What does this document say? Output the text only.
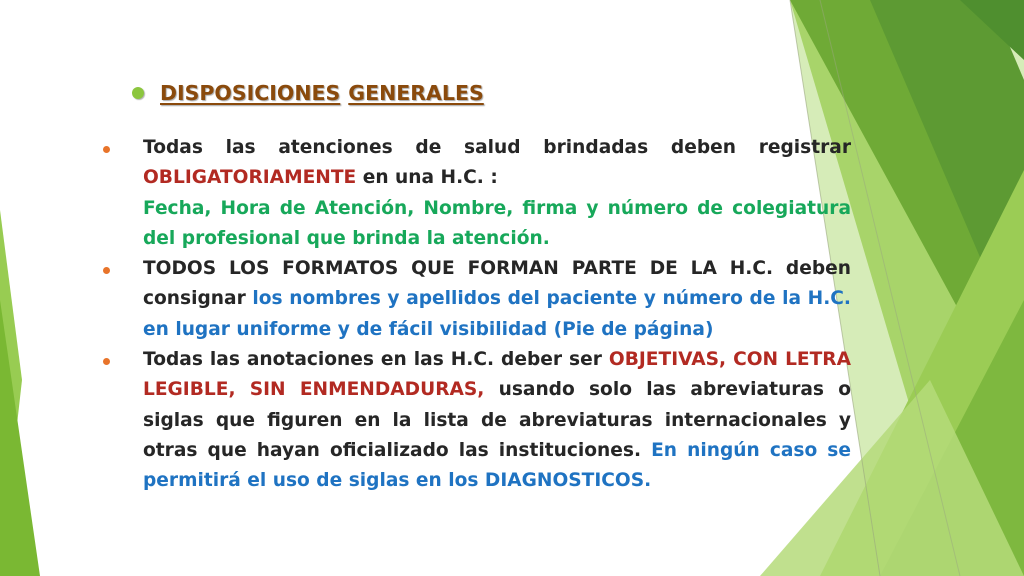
DISPOSICIONES GENERALES

Todas las atenciones de salud brindadas deben registrar OBLIGATORIAMENTE en una H.C. :

Fecha, Hora de Atención, Nombre, firma y número de colegiatura del profesional que brinda la atención.

TODOS LOS FORMATOS QUE FORMAN PARTE DE LA H.C. deben consignar los nombres y apellidos del paciente y número de la H.C. en lugar uniforme y de fácil visibilidad (Pie de página)

Todas las anotaciones en las H.C. deber ser OBJETIVAS, CON LETRA LEGIBLE, SIN ENMENDADURAS, usando solo las abreviaturas o siglas que figuren en la lista de abreviaturas internacionales y otras que hayan oficializado las instituciones. En ningún caso se permitirá el uso de siglas en los DIAGNOSTICOS.
